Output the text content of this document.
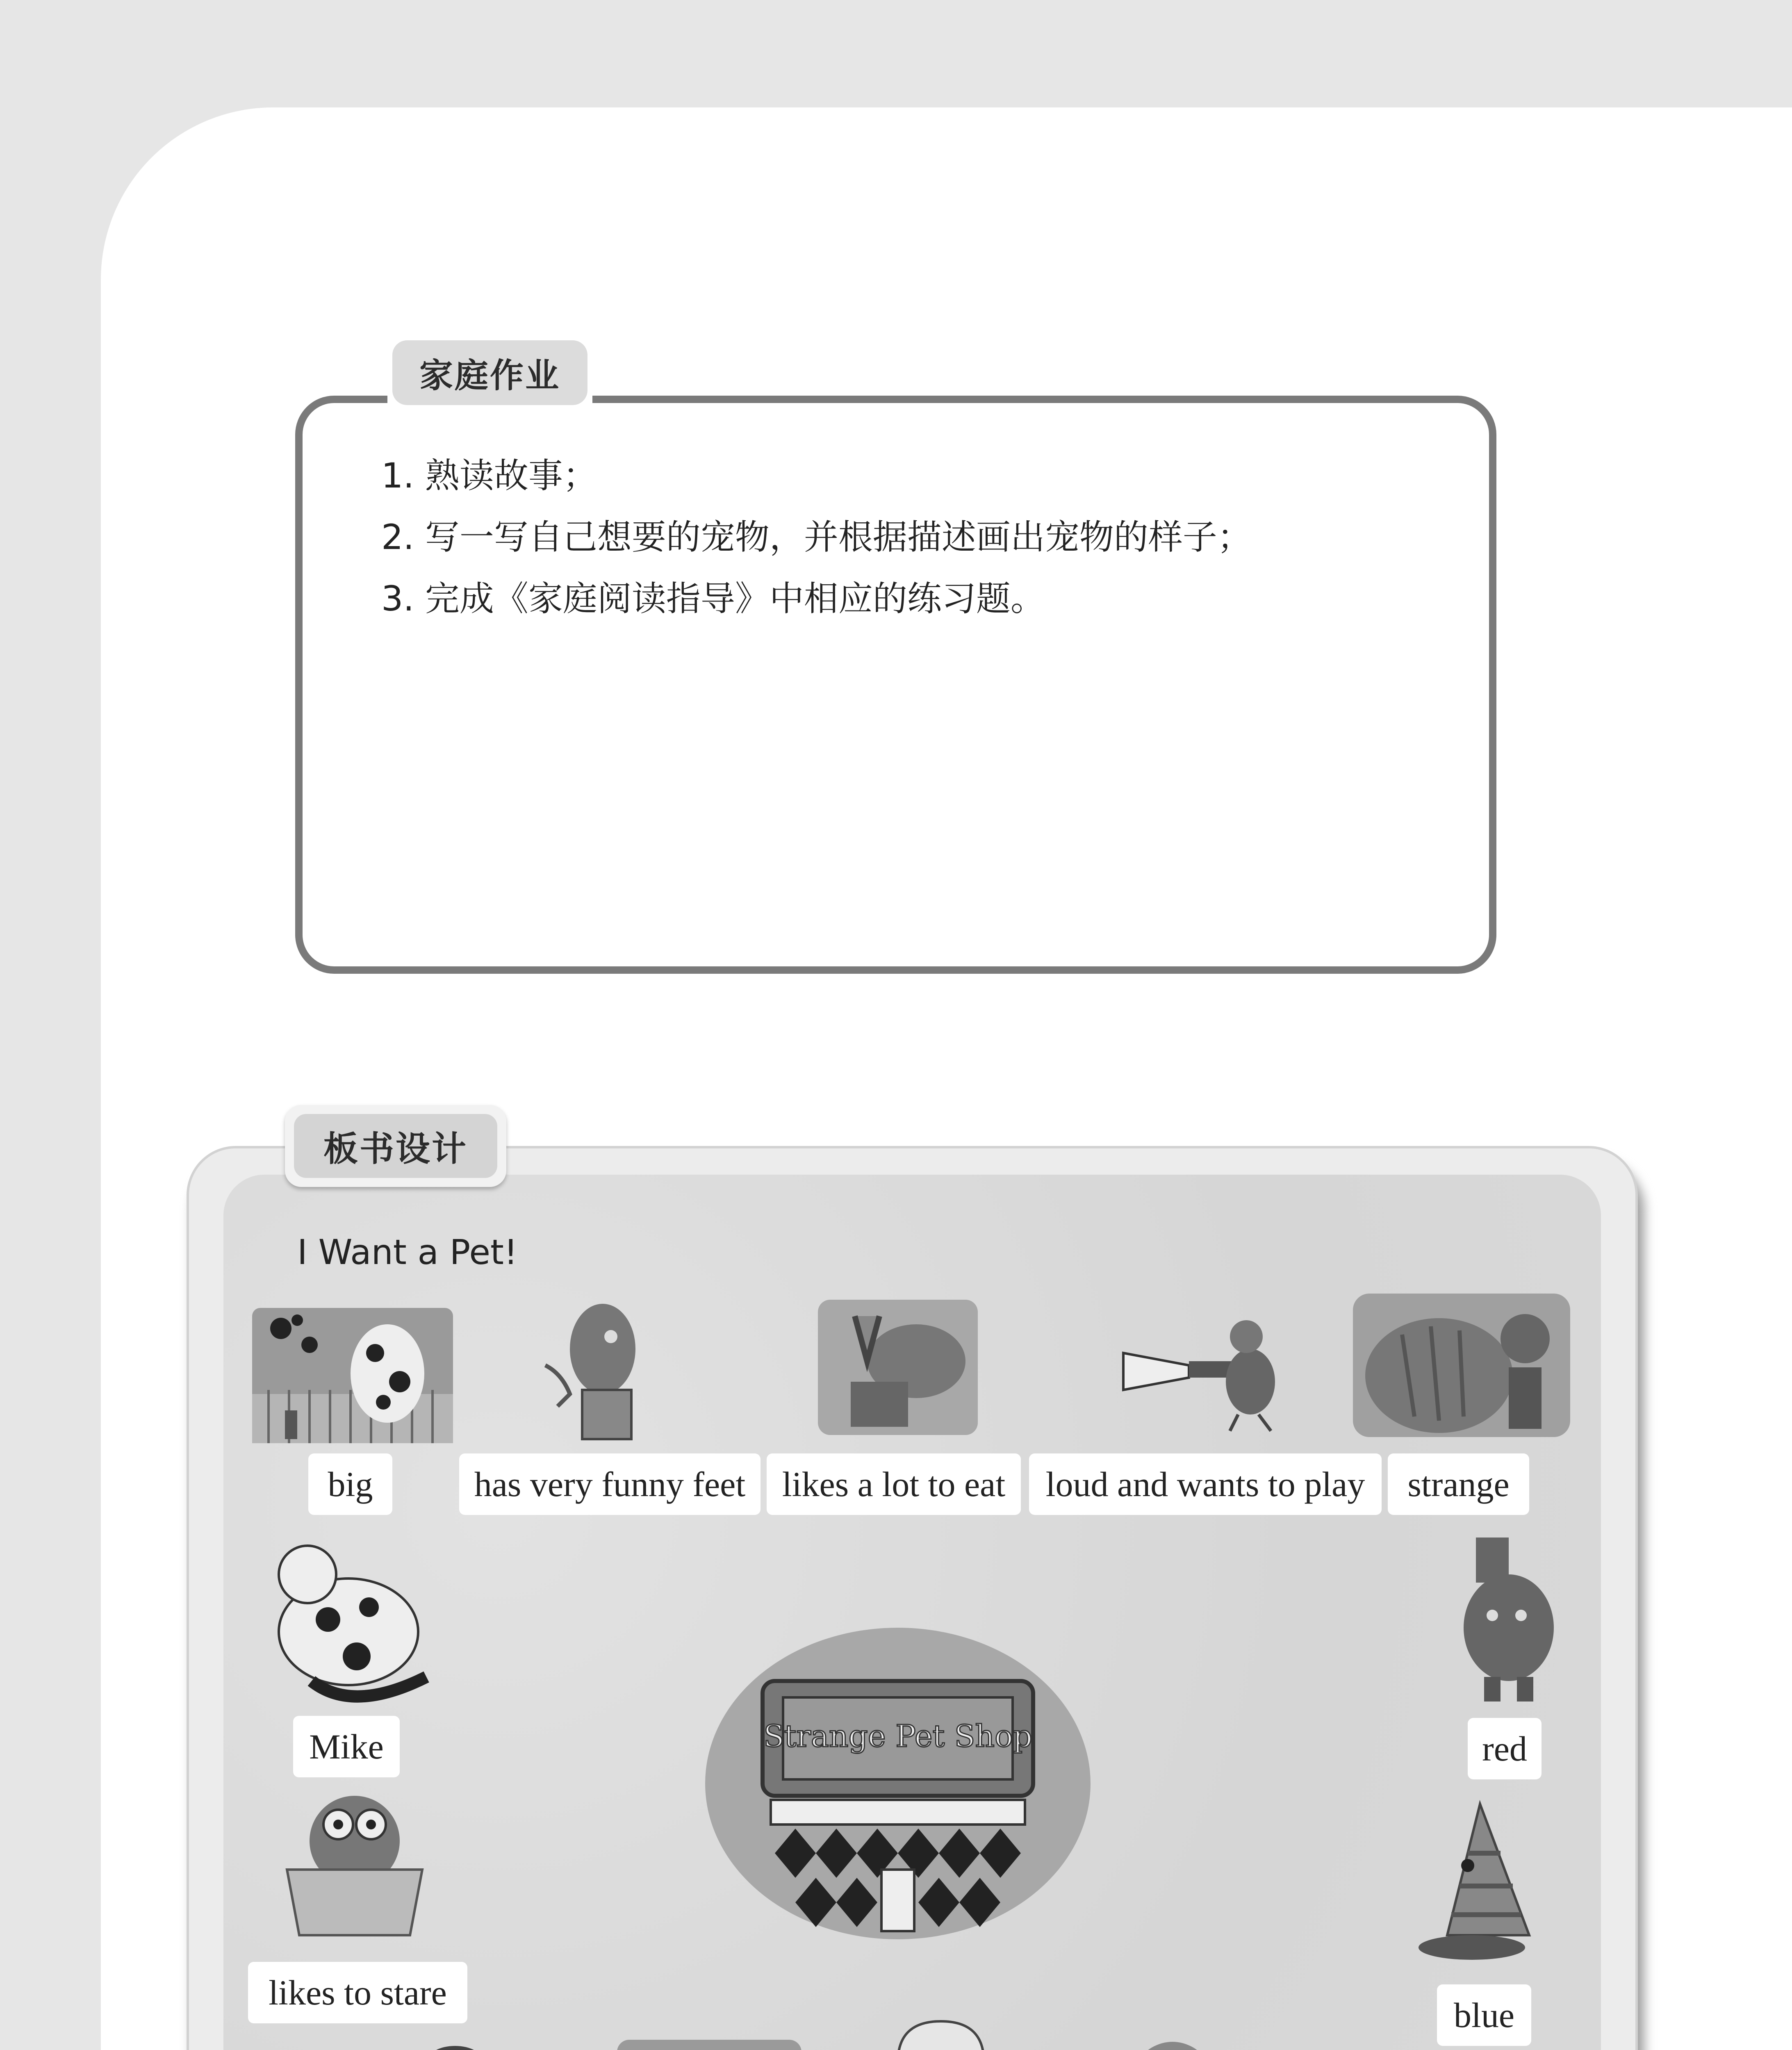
家庭作业
1. 熟读故事；
2. 写一写自己想要的宠物，并根据描述画出宠物的样子；
3. 完成《家庭阅读指导》中相应的练习题。
板书设计
I Want a Pet!
big	has very funny feet	likes a lot to eat	loud and wants to play	strange
Mike	red
likes to stare
blue
Strange Pet Shop
